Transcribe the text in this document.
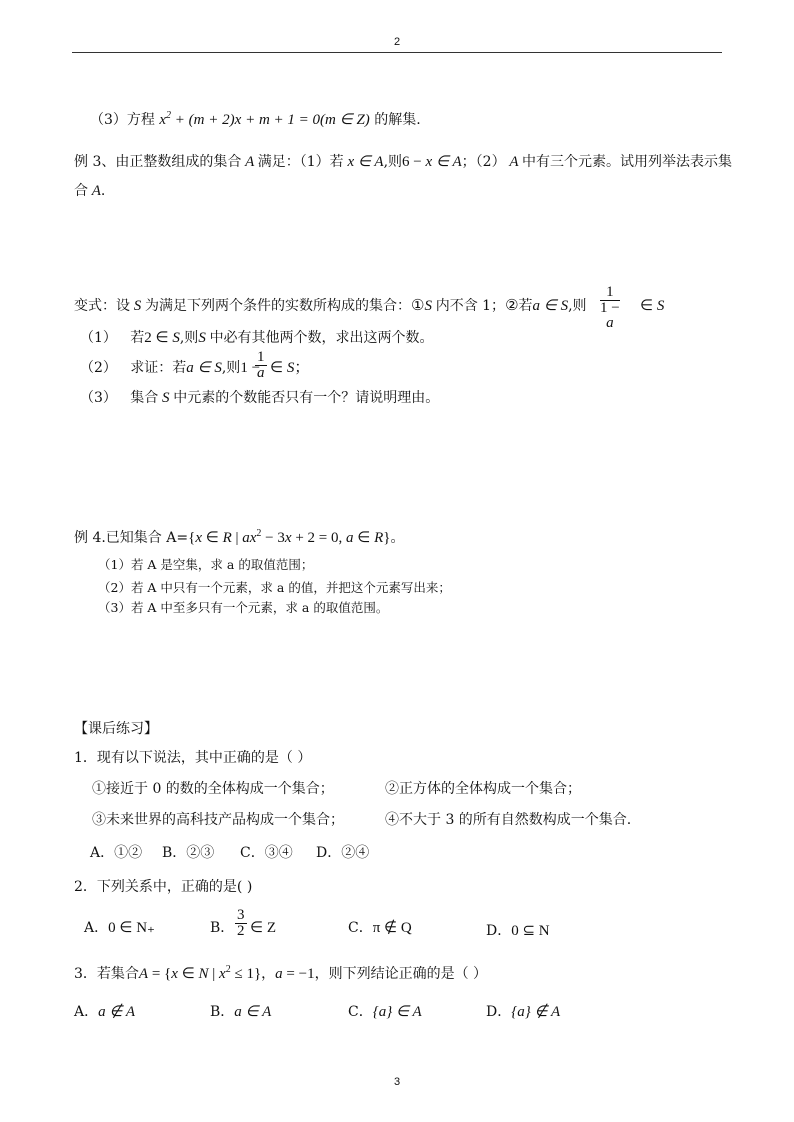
2
（3）方程 $x^2 + (m + 2)x + m + 1 = 0(m$ ∈ Z) 的解集.
例 3、由正整数组成的集合 A 满足：（1）若 x ∈ A,则6 − x ∈ A；（2） A 中有三个元素。试用列举法表示集
合 A.
变式：设 S 为满足下列两个条件的实数所构成的集合：①S 内不含 1；②若a ∈ S,则 1
1 −
a ∈ S
（1） 若2 ∈ S,则S 中必有其他两个数，求出这两个数。
（2） 求证：若a ∈ S,则1 −
$\frac{1}{a}$ ∈ S；
（3） 集合 S 中元素的个数能否只有一个？请说明理由。
例 4.已知集合 A={x ∈ R | $ax^2 - 3x + 2 = 0$, a ∈ R}。
（1）若 A 是空集，求 a 的取值范围；
（2）若 A 中只有一个元素，求 a 的值，并把这个元素写出来；
（3）若 A 中至多只有一个元素，求 a 的取值范围。
【课后练习】
1．现有以下说法，其中正确的是（ ）
①接近于 0 的数的全体构成一个集合；	②正方体的全体构成一个集合；
③未来世界的高科技产品构成一个集合；	④不大于 3 的所有自然数构成一个集合.
A．①② B．②③ C．③④ D．②④
2．下列关系中，正确的是( )
A．0 ∈ N₊	B． $\frac{3}{2}$ ∈ Z	C．π ∉ Q	D．0 ⊆ N
3．若集合A = {x ∈ N | $x^2 \le 1$}，a = −1，则下列结论正确的是（ ）
A．a ∉ A	B．a ∈ A	C．{a} ∈ A	D．{a} ∉ A
3
